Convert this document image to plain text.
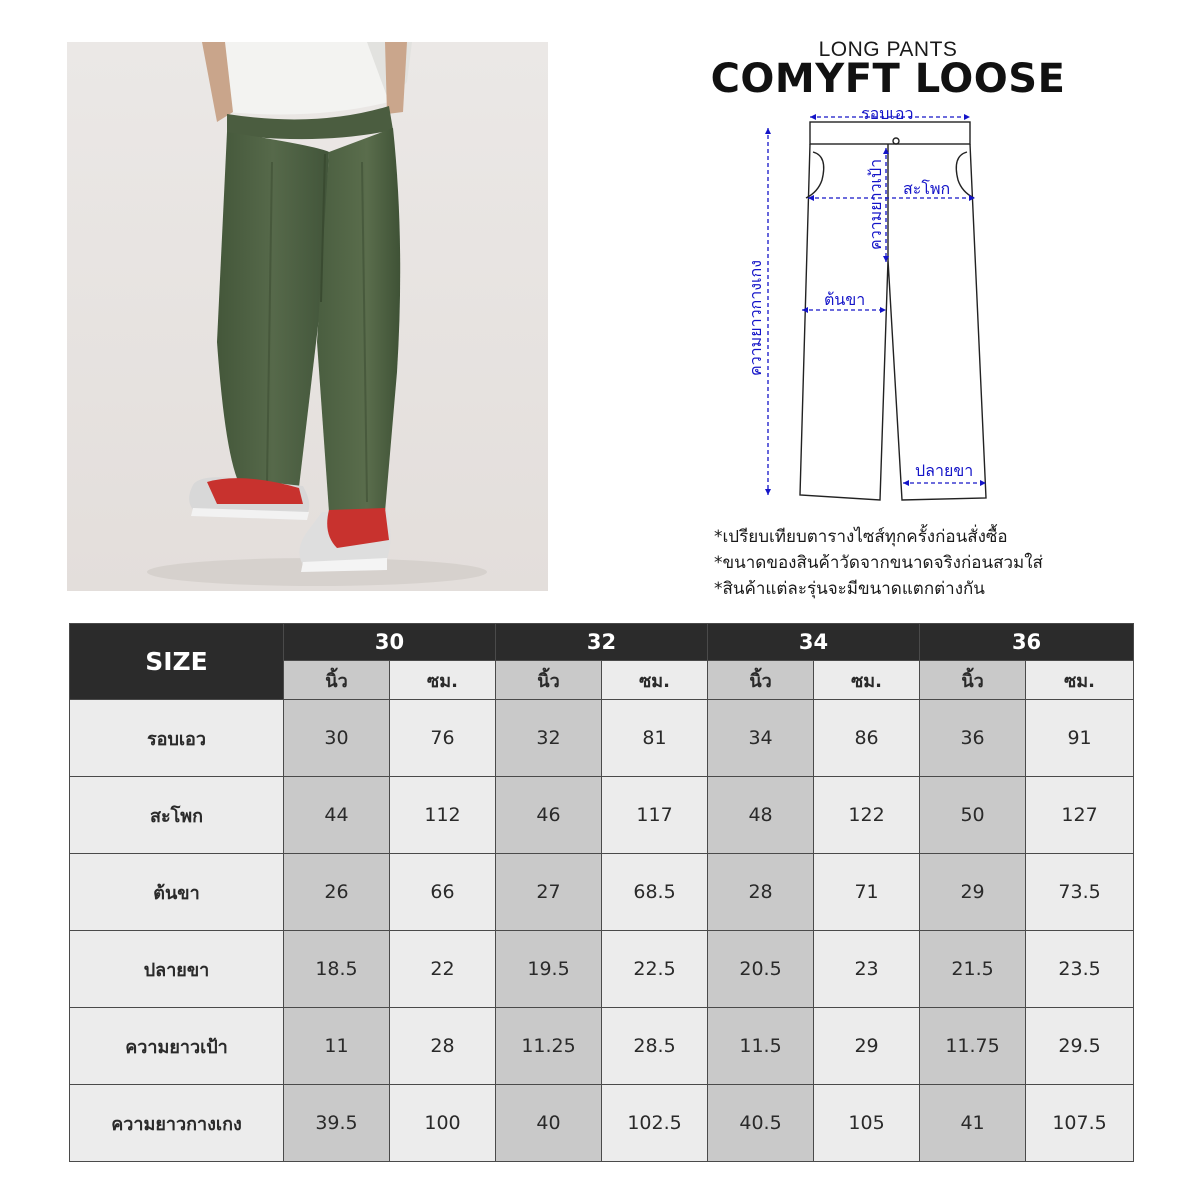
LONG PANTS
COMYFT LOOSE
รอบเอว
สะโพก
ความยาวเป้า
ต้นขา
ปลายขา
ความยาวกางเกง
*เปรียบเทียบตารางไซส์ทุกครั้งก่อนสั่งซื้อ
*ขนาดของสินค้าวัดจากขนาดจริงก่อนสวมใส่
*สินค้าแต่ละรุ่นจะมีขนาดแตกต่างกัน
SIZE	30		32		34		36	
	นิ้ว	ซม.	นิ้ว	ซม.	นิ้ว	ซม.	นิ้ว	ซม.
รอบเอว	30	76	32	81	34	86	36	91
สะโพก	44	112	46	117	48	122	50	127
ต้นขา	26	66	27	68.5	28	71	29	73.5
ปลายขา	18.5	22	19.5	22.5	20.5	23	21.5	23.5
ความยาวเป้า	11	28	11.25	28.5	11.5	29	11.75	29.5
ความยาวกางเกง	39.5	100	40	102.5	40.5	105	41	107.5
